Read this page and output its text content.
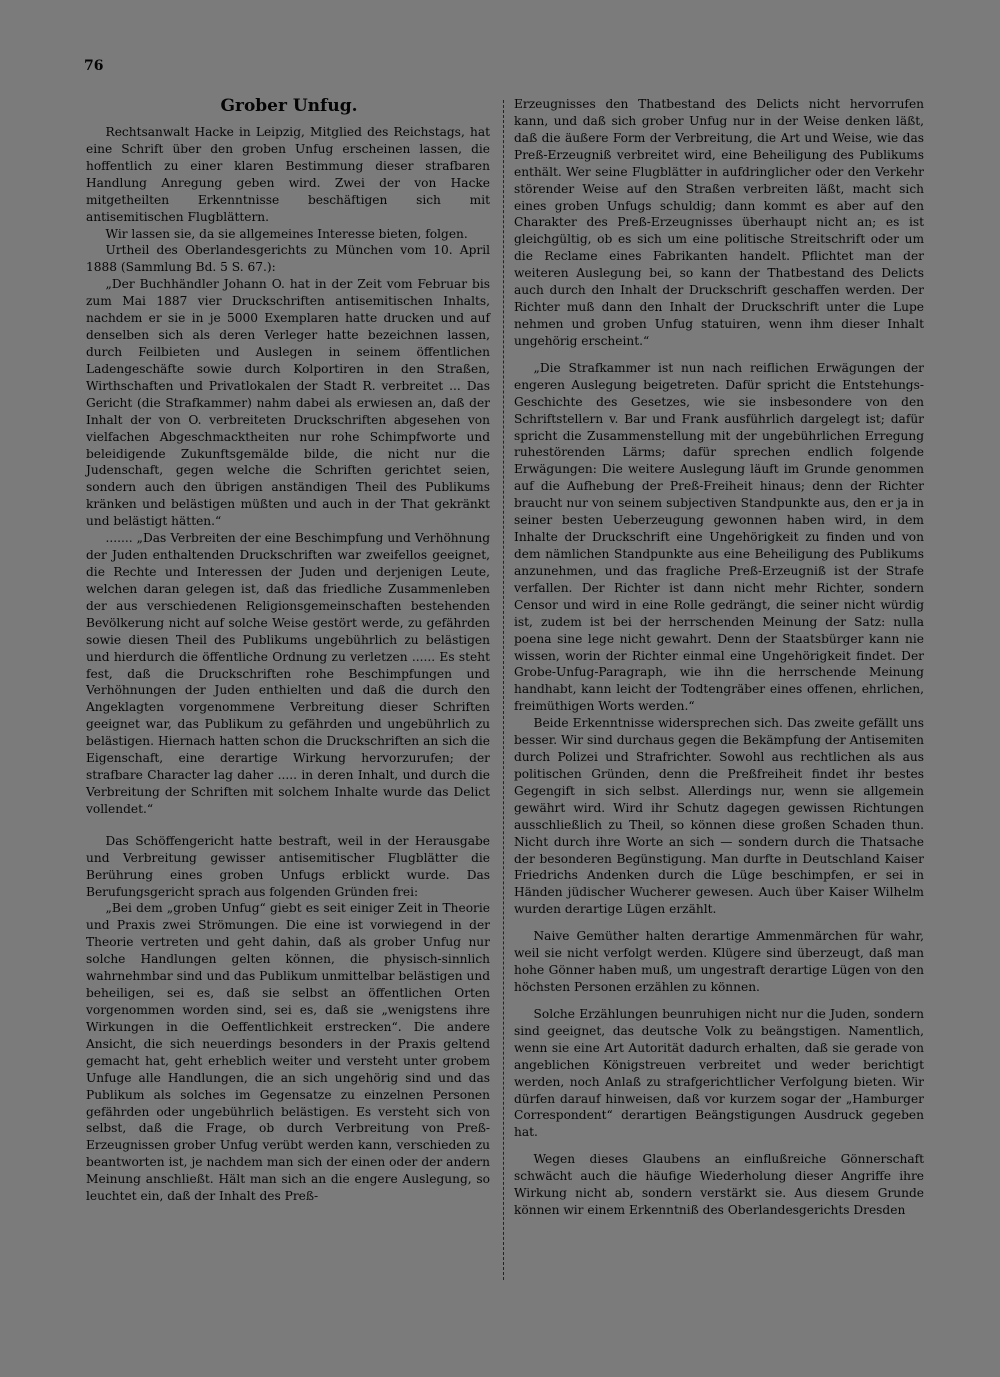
76
Grober Unfug.

Rechtsanwalt Hacke in Leipzig, Mitglied des Reichstags, hat eine Schrift über den groben Unfug erscheinen lassen, die hoffentlich zu einer klaren Bestimmung dieser strafbaren Handlung Anregung geben wird. Zwei der von Hacke mitgetheilten Erkenntnisse beschäftigen sich mit antisemitischen Flugblättern.

Wir lassen sie, da sie allgemeines Interesse bieten, folgen.

Urtheil des Oberlandesgerichts zu München vom 10. April 1888 (Sammlung Bd. 5 S. 67.):

„Der Buchhändler Johann O. hat in der Zeit vom Februar bis zum Mai 1887 vier Druckschriften antisemitischen Inhalts, nachdem er sie in je 5000 Exemplaren hatte drucken und auf denselben sich als deren Verleger hatte bezeichnen lassen, durch Feilbieten und Auslegen in seinem öffentlichen Ladengeschäfte sowie durch Kolportiren in den Straßen, Wirthschaften und Privatlokalen der Stadt R. verbreitet ... Das Gericht (die Strafkammer) nahm dabei als erwiesen an, daß der Inhalt der von O. verbreiteten Druckschriften abgesehen von vielfachen Abgeschmacktheiten nur rohe Schimpfworte und beleidigende Zukunftsgemälde bilde, die nicht nur die Judenschaft, gegen welche die Schriften gerichtet seien, sondern auch den übrigen anständigen Theil des Publikums kränken und belästigen müßten und auch in der That gekränkt und belästigt hätten.“

....... „Das Verbreiten der eine Beschimpfung und Verhöhnung der Juden enthaltenden Druckschriften war zweifellos geeignet, die Rechte und Interessen der Juden und derjenigen Leute, welchen daran gelegen ist, daß das friedliche Zusammenleben der aus verschiedenen Religionsgemeinschaften bestehenden Bevölkerung nicht auf solche Weise gestört werde, zu gefährden sowie diesen Theil des Publikums ungebührlich zu belästigen und hierdurch die öffentliche Ordnung zu verletzen ...... Es steht fest, daß die Druckschriften rohe Beschimpfungen und Verhöhnungen der Juden enthielten und daß die durch den Angeklagten vorgenommene Verbreitung dieser Schriften geeignet war, das Publikum zu gefährden und ungebührlich zu belästigen. Hiernach hatten schon die Druckschriften an sich die Eigenschaft, eine derartige Wirkung hervorzurufen; der strafbare Character lag daher ..... in deren Inhalt, und durch die Verbreitung der Schriften mit solchem Inhalte wurde das Delict vollendet.“

Das Schöffengericht hatte bestraft, weil in der Herausgabe und Verbreitung gewisser antisemitischer Flugblätter die Berührung eines groben Unfugs erblickt wurde. Das Berufungsgericht sprach aus folgenden Gründen frei:

„Bei dem „groben Unfug“ giebt es seit einiger Zeit in Theorie und Praxis zwei Strömungen. Die eine ist vorwiegend in der Theorie vertreten und geht dahin, daß als grober Unfug nur solche Handlungen gelten können, die physisch-sinnlich wahrnehmbar sind und das Publikum unmittelbar belästigen und beheiligen, sei es, daß sie selbst an öffentlichen Orten vorgenommen worden sind, sei es, daß sie „wenigstens ihre Wirkungen in die Oeffentlichkeit erstrecken“. Die andere Ansicht, die sich neuerdings besonders in der Praxis geltend gemacht hat, geht erheblich weiter und versteht unter grobem Unfuge alle Handlungen, die an sich ungehörig sind und das Publikum als solches im Gegensatze zu einzelnen Personen gefährden oder ungebührlich belästigen. Es versteht sich von selbst, daß die Frage, ob durch Verbreitung von Preß-Erzeugnissen grober Unfug verübt werden kann, verschieden zu beantworten ist, je nachdem man sich der einen oder der andern Meinung anschließt. Hält man sich an die engere Auslegung, so leuchtet ein, daß der Inhalt des Preß-

Erzeugnisses den Thatbestand des Delicts nicht hervorrufen kann, und daß sich grober Unfug nur in der Weise denken läßt, daß die äußere Form der Verbreitung, die Art und Weise, wie das Preß-Erzeugniß verbreitet wird, eine Beheiligung des Publikums enthält. Wer seine Flugblätter in aufdringlicher oder den Verkehr störender Weise auf den Straßen verbreiten läßt, macht sich eines groben Unfugs schuldig; dann kommt es aber auf den Charakter des Preß-Erzeugnisses überhaupt nicht an; es ist gleichgültig, ob es sich um eine politische Streitschrift oder um die Reclame eines Fabrikanten handelt. Pflichtet man der weiteren Auslegung bei, so kann der Thatbestand des Delicts auch durch den Inhalt der Druckschrift geschaffen werden. Der Richter muß dann den Inhalt der Druckschrift unter die Lupe nehmen und groben Unfug statuiren, wenn ihm dieser Inhalt ungehörig erscheint.“

„Die Strafkammer ist nun nach reiflichen Erwägungen der engeren Auslegung beigetreten. Dafür spricht die Entstehungs-Geschichte des Gesetzes, wie sie insbesondere von den Schriftstellern v. Bar und Frank ausführlich dargelegt ist; dafür spricht die Zusammenstellung mit der ungebührlichen Erregung ruhestörenden Lärms; dafür sprechen endlich folgende Erwägungen: Die weitere Auslegung läuft im Grunde genommen auf die Aufhebung der Preß-Freiheit hinaus; denn der Richter braucht nur von seinem subjectiven Standpunkte aus, den er ja in seiner besten Ueberzeugung gewonnen haben wird, in dem Inhalte der Druckschrift eine Ungehörigkeit zu finden und von dem nämlichen Standpunkte aus eine Beheiligung des Publikums anzunehmen, und das fragliche Preß-Erzeugniß ist der Strafe verfallen. Der Richter ist dann nicht mehr Richter, sondern Censor und wird in eine Rolle gedrängt, die seiner nicht würdig ist, zudem ist bei der herrschenden Meinung der Satz: nulla poena sine lege nicht gewahrt. Denn der Staatsbürger kann nie wissen, worin der Richter einmal eine Ungehörigkeit findet. Der Grobe-Unfug-Paragraph, wie ihn die herrschende Meinung handhabt, kann leicht der Todtengräber eines offenen, ehrlichen, freimüthigen Worts werden.“

Beide Erkenntnisse widersprechen sich. Das zweite gefällt uns besser. Wir sind durchaus gegen die Bekämpfung der Antisemiten durch Polizei und Strafrichter. Sowohl aus rechtlichen als aus politischen Gründen, denn die Preßfreiheit findet ihr bestes Gegengift in sich selbst. Allerdings nur, wenn sie allgemein gewährt wird. Wird ihr Schutz dagegen gewissen Richtungen ausschließlich zu Theil, so können diese großen Schaden thun. Nicht durch ihre Worte an sich — sondern durch die Thatsache der besonderen Begünstigung. Man durfte in Deutschland Kaiser Friedrichs Andenken durch die Lüge beschimpfen, er sei in Händen jüdischer Wucherer gewesen. Auch über Kaiser Wilhelm wurden derartige Lügen erzählt.

Naive Gemüther halten derartige Ammenmärchen für wahr, weil sie nicht verfolgt werden. Klügere sind überzeugt, daß man hohe Gönner haben muß, um ungestraft derartige Lügen von den höchsten Personen erzählen zu können.

Solche Erzählungen beunruhigen nicht nur die Juden, sondern sind geeignet, das deutsche Volk zu beängstigen. Namentlich, wenn sie eine Art Autorität dadurch erhalten, daß sie gerade von angeblichen Königstreuen verbreitet und weder berichtigt werden, noch Anlaß zu strafgerichtlicher Verfolgung bieten. Wir dürfen darauf hinweisen, daß vor kurzem sogar der „Hamburger Correspondent“ derartigen Beängstigungen Ausdruck gegeben hat.

Wegen dieses Glaubens an einflußreiche Gönnerschaft schwächt auch die häufige Wiederholung dieser Angriffe ihre Wirkung nicht ab, sondern verstärkt sie. Aus diesem Grunde können wir einem Erkenntniß des Oberlandesgerichts Dresden
